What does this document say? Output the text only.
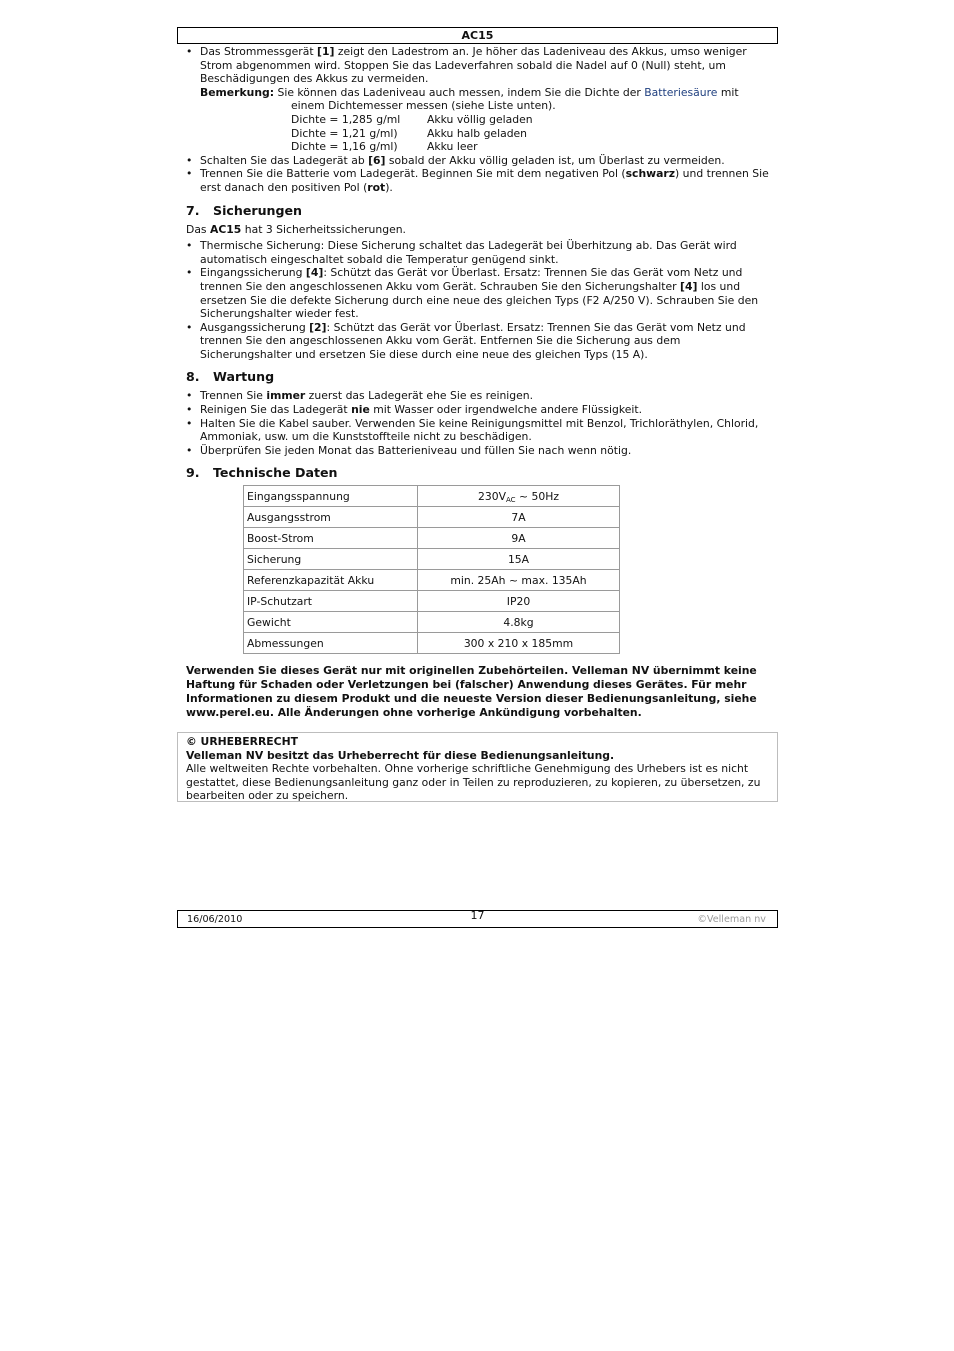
AC15
• Das Strommessgerät [1] zeigt den Ladestrom an. Je höher das Ladeniveau des Akkus, umso weniger Strom abgenommen wird. Stoppen Sie das Ladeverfahren sobald die Nadel auf 0 (Null) steht, um Beschädigungen des Akkus zu vermeiden.
Bemerkung: Sie können das Ladeniveau auch messen, indem Sie die Dichte der Batteriesäure mit
einem Dichtemesser messen (siehe Liste unten).
Dichte = 1,285 g/ml	Akku völlig geladen
Dichte = 1,21 g/ml)	Akku halb geladen
Dichte = 1,16 g/ml)	Akku leer
• Schalten Sie das Ladegerät ab [6] sobald der Akku völlig geladen ist, um Überlast zu vermeiden.
• Trennen Sie die Batterie vom Ladegerät. Beginnen Sie mit dem negativen Pol (schwarz) und trennen Sie erst danach den positiven Pol (rot).
7. Sicherungen

Das AC15 hat 3 Sicherheitssicherungen.

• Thermische Sicherung: Diese Sicherung schaltet das Ladegerät bei Überhitzung ab. Das Gerät wird automatisch eingeschaltet sobald die Temperatur genügend sinkt.
• Eingangssicherung [4]: Schützt das Gerät vor Überlast. Ersatz: Trennen Sie das Gerät vom Netz und trennen Sie den angeschlossenen Akku vom Gerät. Schrauben Sie den Sicherungshalter [4] los und ersetzen Sie die defekte Sicherung durch eine neue des gleichen Typs (F2 A/250 V). Schrauben Sie den Sicherungshalter wieder fest.
• Ausgangssicherung [2]: Schützt das Gerät vor Überlast. Ersatz: Trennen Sie das Gerät vom Netz und trennen Sie den angeschlossenen Akku vom Gerät. Entfernen Sie die Sicherung aus dem Sicherungshalter und ersetzen Sie diese durch eine neue des gleichen Typs (15 A).
8. Wartung
• Trennen Sie immer zuerst das Ladegerät ehe Sie es reinigen.
• Reinigen Sie das Ladegerät nie mit Wasser oder irgendwelche andere Flüssigkeit.
• Halten Sie die Kabel sauber. Verwenden Sie keine Reinigungsmittel mit Benzol, Trichloräthylen, Chlorid, Ammoniak, usw. um die Kunststoffteile nicht zu beschädigen.
• Überprüfen Sie jeden Monat das Batterieniveau und füllen Sie nach wenn nötig.
9. Technische Daten
Eingangsspannung	$230V_{AC}$ ~ 50Hz
Ausgangsstrom	7A
Boost-Strom	9A
Sicherung	15A
Referenzkapazität Akku	min. 25Ah ~ max. 135Ah
IP-Schutzart	IP20
Gewicht	4.8kg
Abmessungen	300 x 210 x 185mm

Verwenden Sie dieses Gerät nur mit originellen Zubehörteilen. Velleman NV übernimmt keine Haftung für Schaden oder Verletzungen bei (falscher) Anwendung dieses Gerätes. Für mehr Informationen zu diesem Produkt und die neueste Version dieser Bedienungsanleitung, siehe www.perel.eu. Alle Änderungen ohne vorherige Ankündigung vorbehalten.

© URHEBERRECHT
Velleman NV besitzt das Urheberrecht für diese Bedienungsanleitung.
Alle weltweiten Rechte vorbehalten. Ohne vorherige schriftliche Genehmigung des Urhebers ist es nicht gestattet, diese Bedienungsanleitung ganz oder in Teilen zu reproduzieren, zu kopieren, zu übersetzen, zu bearbeiten oder zu speichern.
16/06/2010	17	©Velleman nv
